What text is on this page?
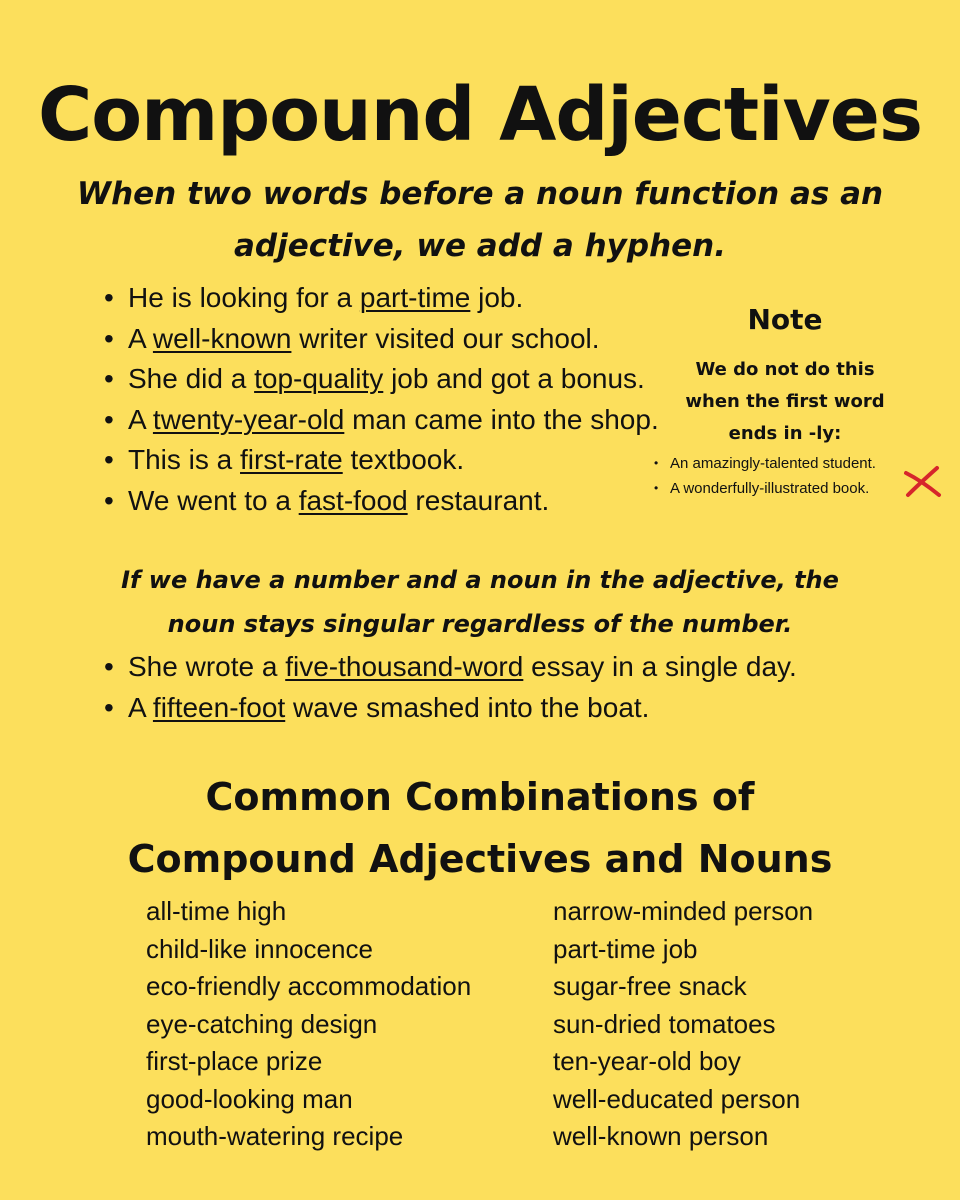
Compound Adjectives
When two words before a noun function as an
adjective, we add a hyphen.
• He is looking for a part-time job.
• A well-known writer visited our school.
• She did a top-quality job and got a bonus.
• A twenty-year-old man came into the shop.
• This is a first-rate textbook.
• We went to a fast-food restaurant.
Note
We do not do this
when the first word
ends in -ly:
• An amazingly-talented student.
• A wonderfully-illustrated book.
If we have a number and a noun in the adjective, the
noun stays singular regardless of the number.
• She wrote a five-thousand-word essay in a single day.
• A fifteen-foot wave smashed into the boat.
Common Combinations of
Compound Adjectives and Nouns
all-time high
child-like innocence
eco-friendly accommodation
eye-catching design
first-place prize
good-looking man
mouth-watering recipe
narrow-minded person
part-time job
sugar-free snack
sun-dried tomatoes
ten-year-old boy
well-educated person
well-known person
